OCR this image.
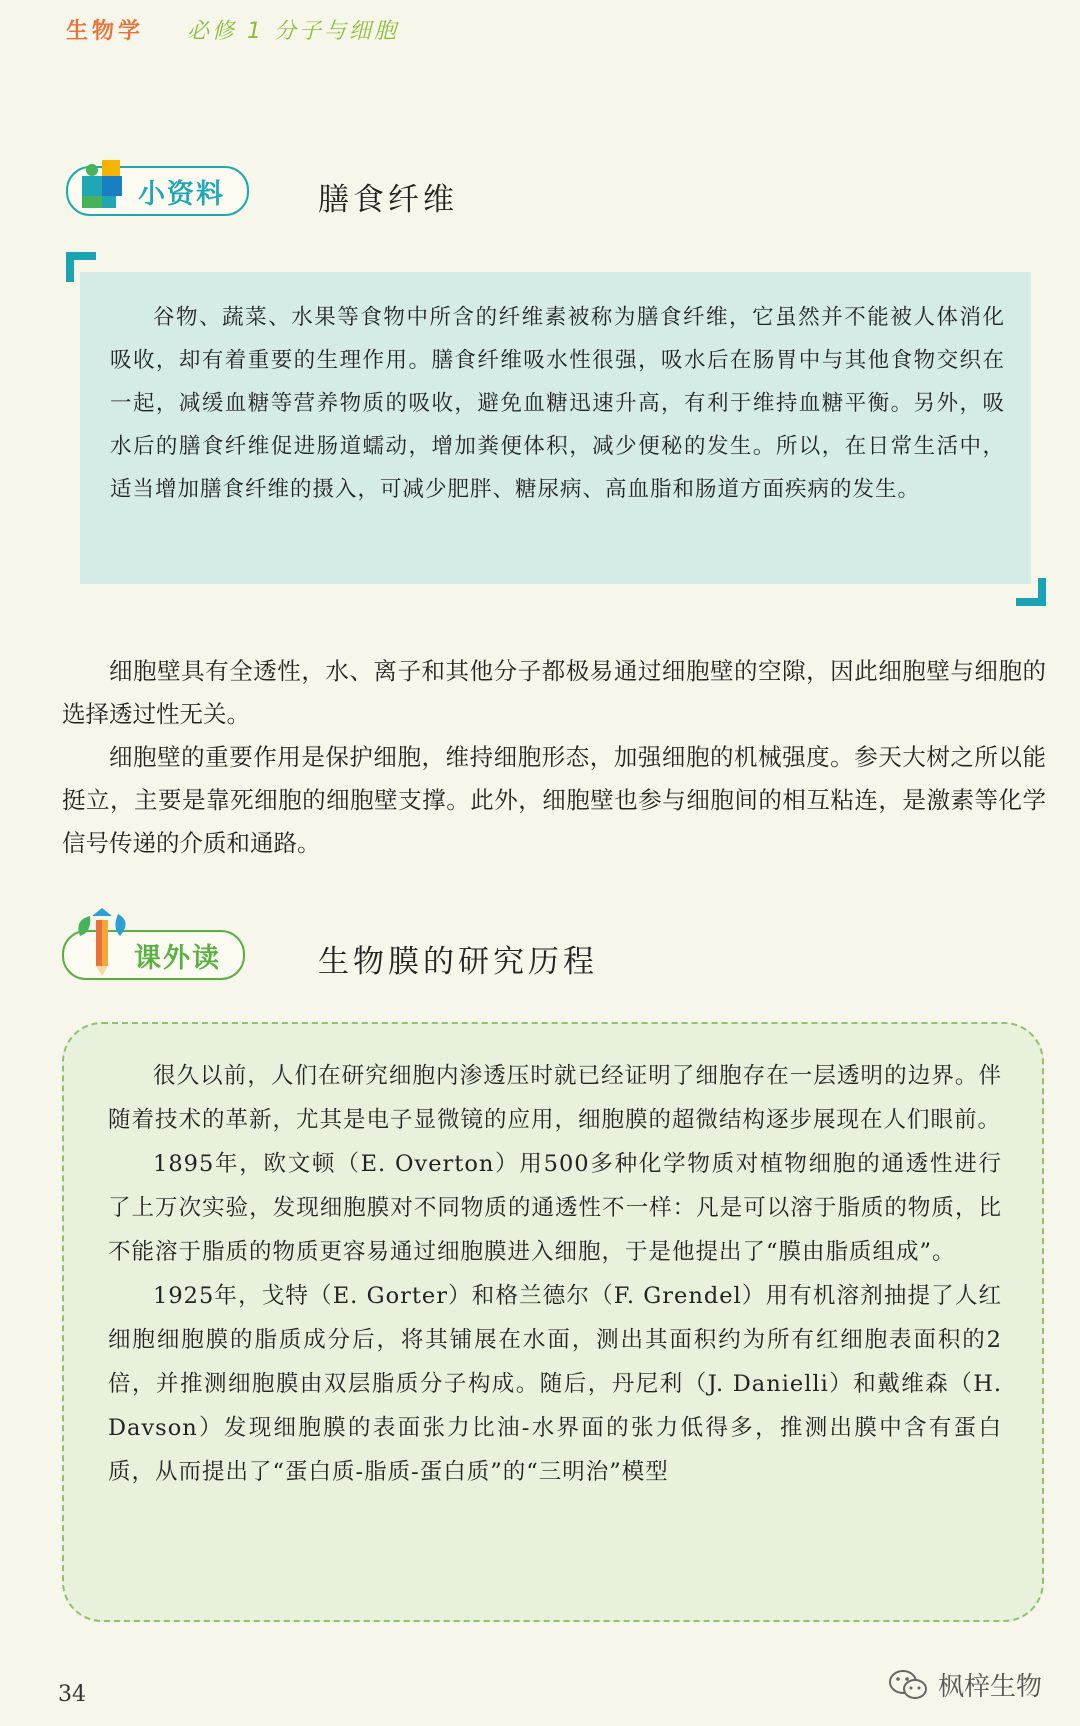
生物学 必修 1 分子与细胞
小资料	膳食纤维

谷物、蔬菜、水果等食物中所含的纤维素被称为膳食纤维，它虽然并不能被人体消化吸收，却有着重要的生理作用。膳食纤维吸水性很强，吸水后在肠胃中与其他食物交织在一起，减缓血糖等营养物质的吸收，避免血糖迅速升高，有利于维持血糖平衡。另外，吸水后的膳食纤维促进肠道蠕动，增加粪便体积，减少便秘的发生。所以，在日常生活中，适当增加膳食纤维的摄入，可减少肥胖、糖尿病、高血脂和肠道方面疾病的发生。

细胞壁具有全透性，水、离子和其他分子都极易通过细胞壁的空隙，因此细胞壁与细胞的选择透过性无关。

细胞壁的重要作用是保护细胞，维持细胞形态，加强细胞的机械强度。参天大树之所以能挺立，主要是靠死细胞的细胞壁支撑。此外，细胞壁也参与细胞间的相互粘连，是激素等化学信号传递的介质和通路。

课外读	生物膜的研究历程

很久以前，人们在研究细胞内渗透压时就已经证明了细胞存在一层透明的边界。伴随着技术的革新，尤其是电子显微镜的应用，细胞膜的超微结构逐步展现在人们眼前。

1895年，欧文顿（E. Overton）用500多种化学物质对植物细胞的通透性进行了上万次实验，发现细胞膜对不同物质的通透性不一样：凡是可以溶于脂质的物质，比不能溶于脂质的物质更容易通过细胞膜进入细胞，于是他提出了“膜由脂质组成”。

1925年，戈特（E. Gorter）和格兰德尔（F. Grendel）用有机溶剂抽提了人红细胞细胞膜的脂质成分后，将其铺展在水面，测出其面积约为所有红细胞表面积的2倍，并推测细胞膜由双层脂质分子构成。随后，丹尼利（J. Danielli）和戴维森（H. Davson）发现细胞膜的表面张力比油-水界面的张力低得多，推测出膜中含有蛋白质，从而提出了“蛋白质-脂质-蛋白质”的“三明治”模型

34	枫梓生物
